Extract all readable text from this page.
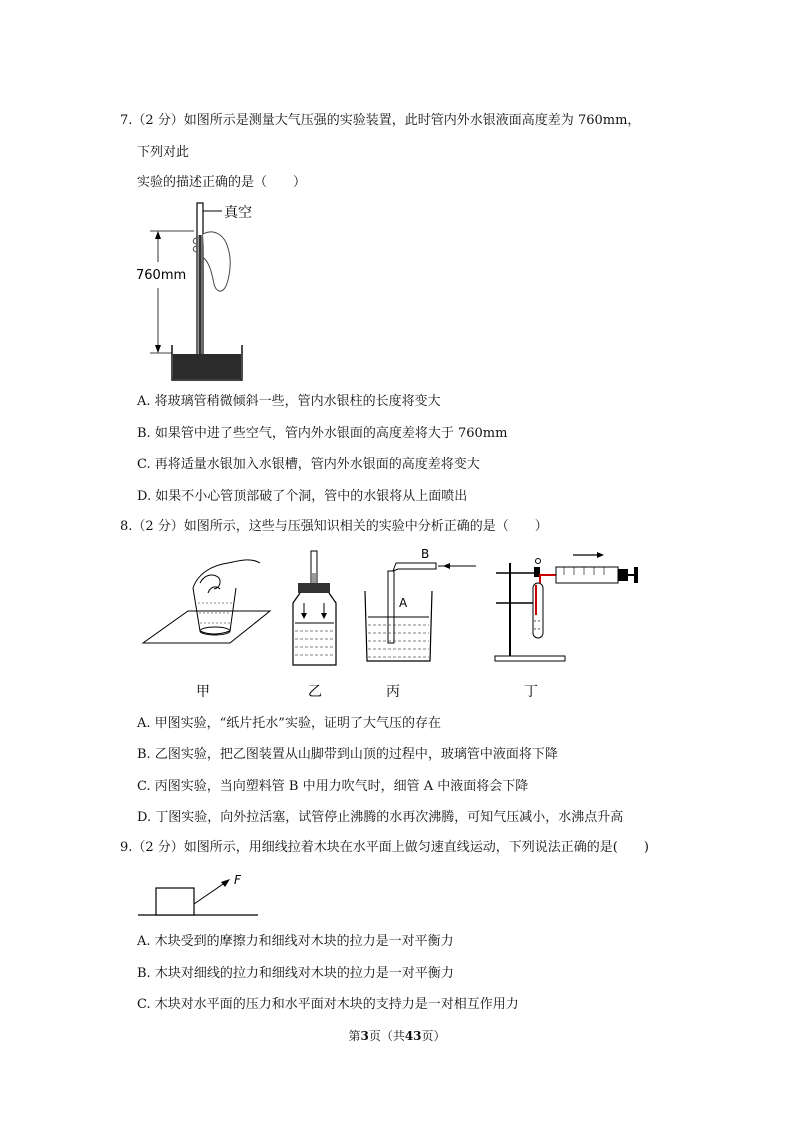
7.（2 分）如图所示是测量大气压强的实验装置，此时管内外水银液面高度差为 760mm，
下列对此
实验的描述正确的是（　　）
真空
760mm
A. 将玻璃管稍微倾斜一些，管内水银柱的长度将变大
B. 如果管中进了些空气，管内外水银面的高度差将大于 760mm
C. 再将适量水银加入水银槽，管内外水银面的高度差将变大
D. 如果不小心管顶部破了个洞，管中的水银将从上面喷出
8.（2 分）如图所示，这些与压强知识相关的实验中分析正确的是（　　）
甲	乙
B
A
丙	丁
A. 甲图实验，“纸片托水”实验，证明了大气压的存在
B. 乙图实验，把乙图装置从山脚带到山顶的过程中，玻璃管中液面将下降
C. 丙图实验，当向塑料管 B 中用力吹气时，细管 A 中液面将会下降
D. 丁图实验，向外拉活塞，试管停止沸腾的水再次沸腾，可知气压减小，水沸点升高
9.（2 分）如图所示，用细线拉着木块在水平面上做匀速直线运动，下列说法正确的是(　　)
F
A. 木块受到的摩擦力和细线对木块的拉力是一对平衡力
B. 木块对细线的拉力和细线对木块的拉力是一对平衡力
C. 木块对水平面的压力和水平面对木块的支持力是一对相互作用力
第3页（共43页）
